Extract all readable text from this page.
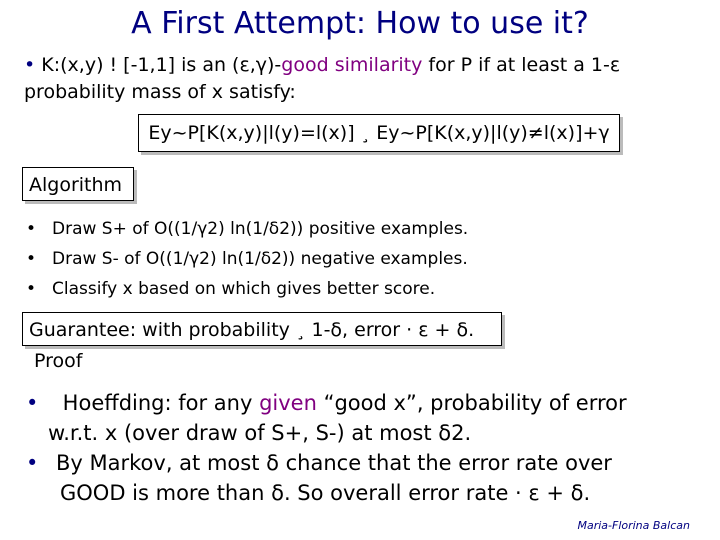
A First Attempt: How to use it?
• K:(x,y) ! [-1,1] is an (ε,γ)-good similarity for P if at least a 1-ε
probability mass of x satisfy:
Ey~P[K(x,y)|l(y)=l(x)] ¸ Ey~P[K(x,y)|l(y)≠l(x)]+γ
Algorithm
• Draw S+ of O((1/γ2) ln(1/δ2)) positive examples.
• Draw S- of O((1/γ2) ln(1/δ2)) negative examples.
• Classify x based on which gives better score.
Guarantee: with probability ¸ 1-δ, error · ε + δ.
Proof
• Hoeffding: for any given “good x”, probability of error
w.r.t. x (over draw of S+, S-) at most δ2.
• By Markov, at most δ chance that the error rate over
GOOD is more than δ. So overall error rate · ε + δ.
Maria-Florina Balcan
